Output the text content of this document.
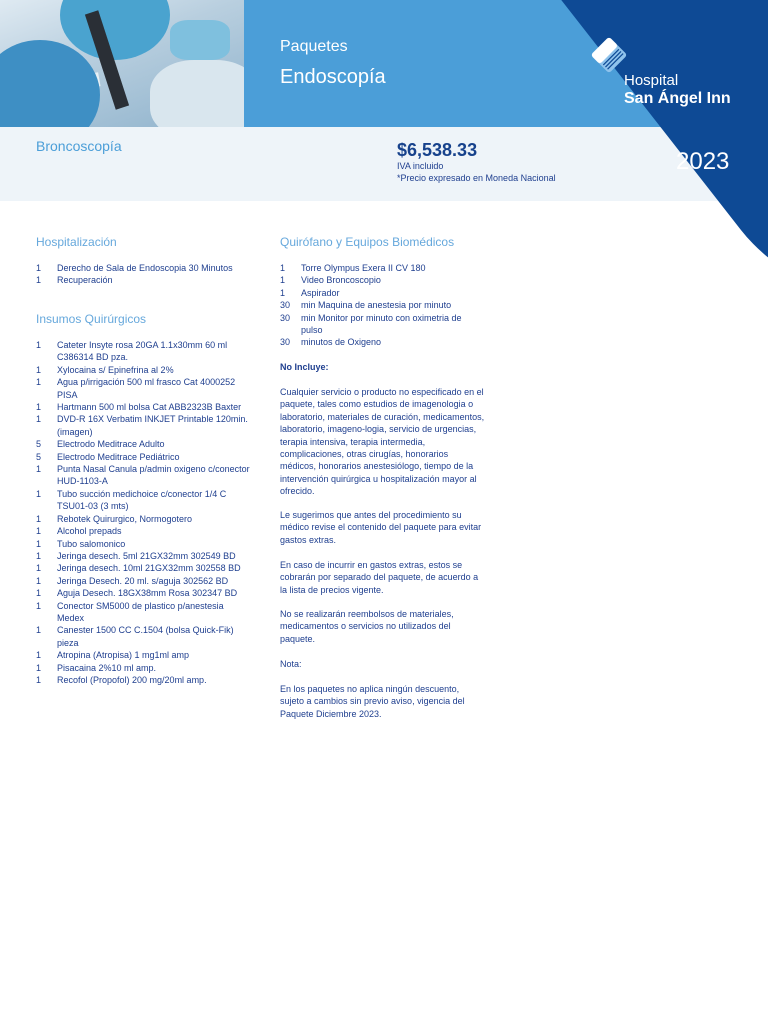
Paquetes
Endoscopía	Hospital
San Ángel Inn
2023
Broncoscopía	$6,538.33
IVA incluido
*Precio expresado en Moneda Nacional
Hospitalización
1	Derecho de Sala de Endoscopia 30 Minutos
1	Recuperación
Insumos Quirúrgicos
1	Cateter Insyte rosa 20GA 1.1x30mm 60 ml C386314 BD pza.
1	Xylocaina s/ Epinefrina al 2%
1	Agua p/irrigación 500 ml frasco Cat 4000252 PISA
1	Hartmann 500 ml bolsa Cat ABB2323B Baxter
1	DVD-R 16X Verbatim INKJET Printable 120min. (imagen)
5	Electrodo Meditrace Adulto
5	Electrodo Meditrace Pediátrico
1	Punta Nasal Canula p/admin oxigeno c/conector HUD-1103-A
1	Tubo succión medichoice c/conector 1/4 C TSU01-03 (3 mts)
1	Rebotek Quirurgico, Normogotero
1	Alcohol prepads
1	Tubo salomonico
1	Jeringa desech. 5ml 21GX32mm 302549 BD
1	Jeringa desech. 10ml 21GX32mm 302558 BD
1	Jeringa Desech. 20 ml. s/aguja 302562 BD
1	Aguja Desech. 18GX38mm Rosa 302347 BD
1	Conector SM5000 de plastico p/anestesia Medex
1	Canester 1500 CC C.1504 (bolsa Quick-Fik) pieza
1	Atropina (Atropisa) 1 mg1ml amp
1	Pisacaina 2%10 ml amp.
1	Recofol (Propofol) 200 mg/20ml amp.
Quirófano y Equipos Biomédicos
1	Torre Olympus Exera II CV 180
1	Video Broncoscopio
1	Aspirador
30	min Maquina de anestesia por minuto
30	min Monitor por minuto con oximetria de pulso
30	minutos de Oxigeno

No Incluye:

Cualquier servicio o producto no especificado en el paquete, tales como estudios de imagenologia o laboratorio, materiales de curación, medicamentos, laboratorio, imageno-logia, servicio de urgencias, terapia intensiva, terapia intermedia, complicaciones, otras cirugías, honorarios médicos, honorarios anestesiólogo, tiempo de la intervención quirúrgica u hospitalización mayor al ofrecido.

Le sugerimos que antes del procedimiento su médico revise el contenido del paquete para evitar gastos extras.

En caso de incurrir en gastos extras, estos se cobrarán por separado del paquete, de acuerdo a la lista de precios vigente.

No se realizarán reembolsos de materiales, medicamentos o servicios no utilizados del paquete.

Nota:

En los paquetes no aplica ningún descuento, sujeto a cambios sin previo aviso, vigencia del Paquete Diciembre 2023.
